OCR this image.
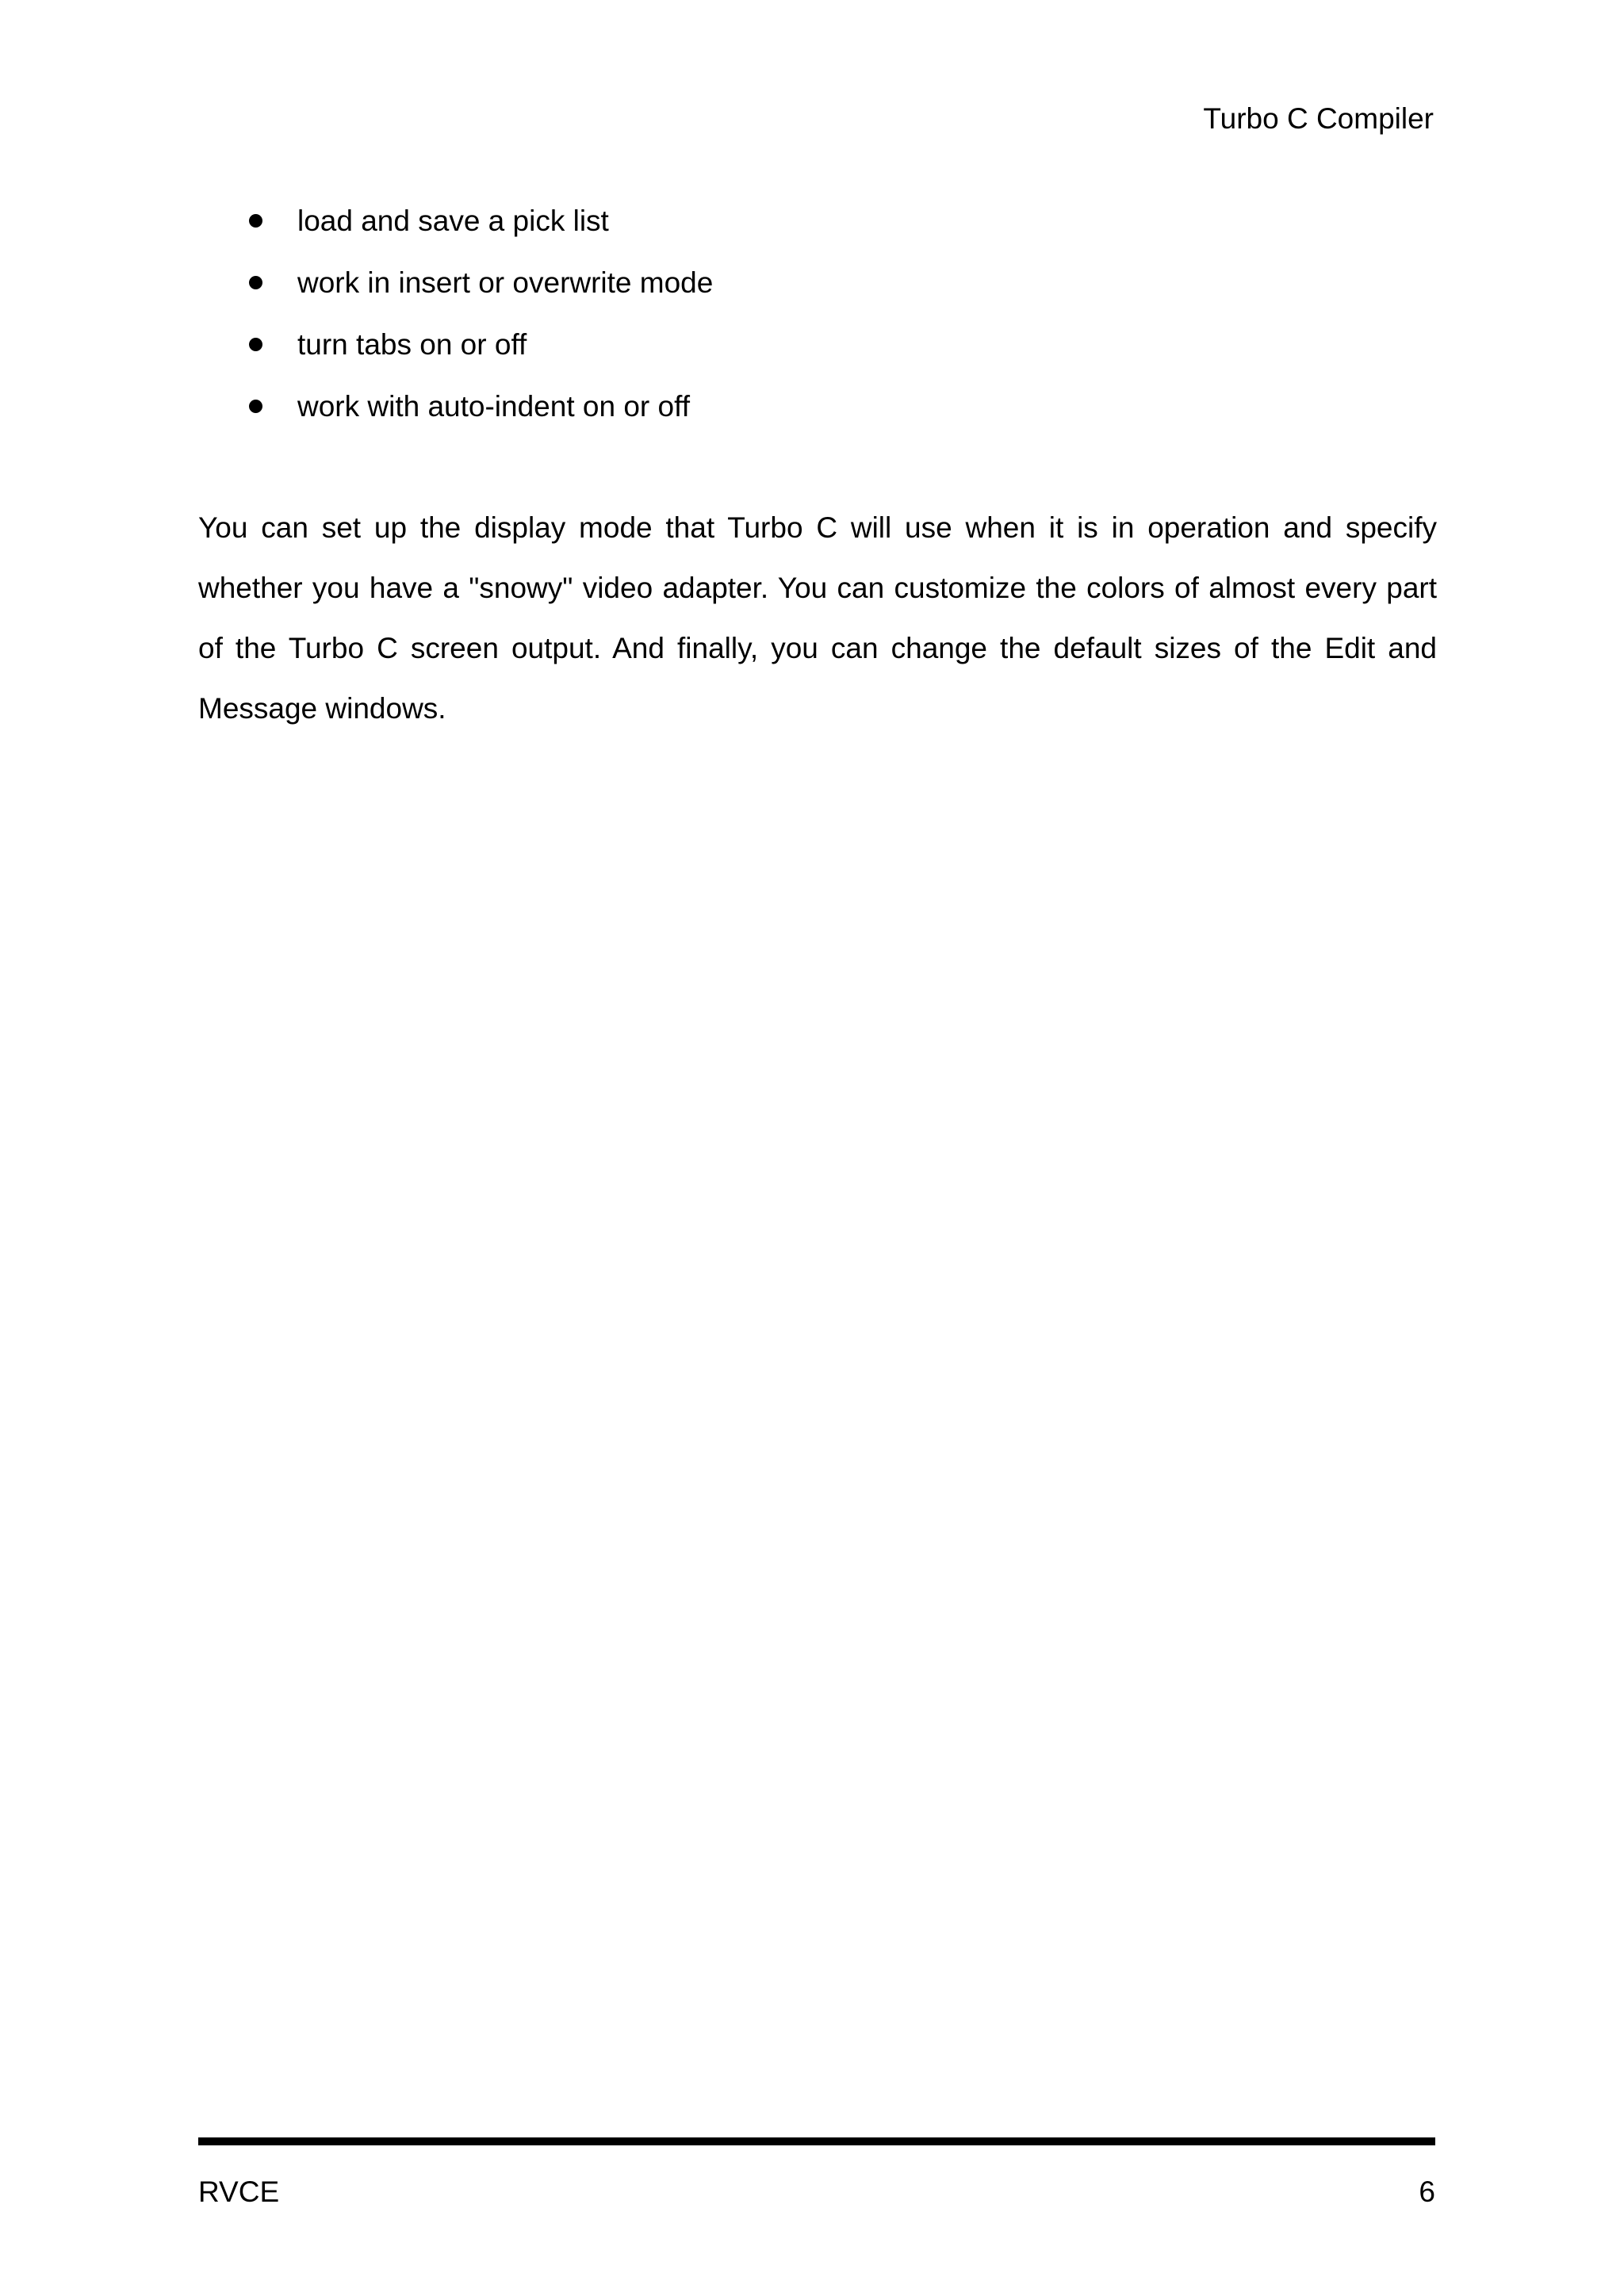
Turbo C Compiler
load and save a pick list
work in insert or overwrite mode
turn tabs on or off
work with auto-indent on or off

You can set up the display mode that Turbo C will use when it is in operation and specify whether you have a "snowy" video adapter. You can customize the colors of almost every part of the Turbo C screen output. And finally, you can change the default sizes of the Edit and Message windows.

RVCE	6
